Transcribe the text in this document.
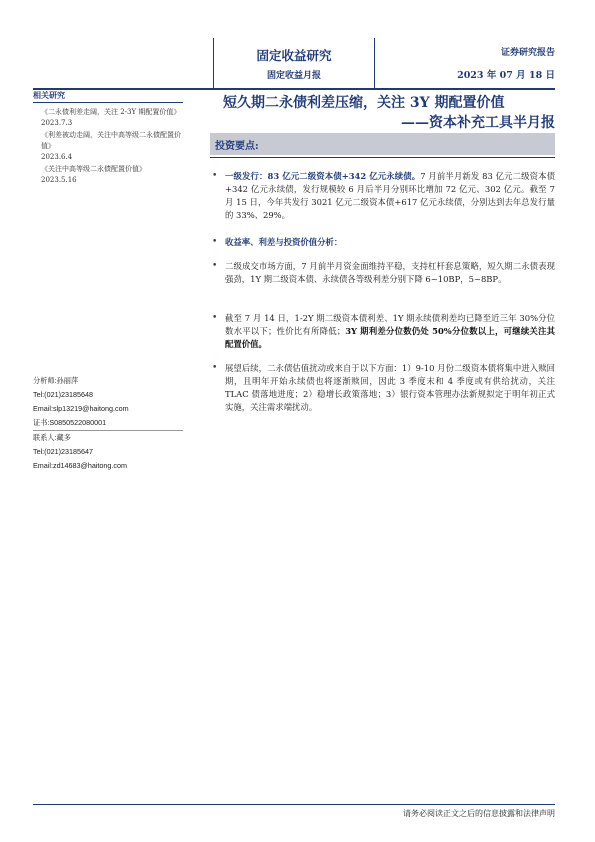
固定收益研究
固定收益月报
证券研究报告
2023 年 07 月 18 日
相关研究
《二永债利差走阔，关注 2-3Y 期配置价值》
2023.7.3
《利差被动走阔，关注中高等级二永债配置价值》
2023.6.4
《关注中高等级二永债配置价值》
2023.5.16
分析师:孙丽萍
Tel:(021)23185648
Email:slp13219@haitong.com
证书:S0850522080001
联系人:藏多
Tel:(021)23185647
Email:zd14683@haitong.com
短久期二永债利差压缩，关注 3Y 期配置价值
——资本补充工具半月报
投资要点:
• 一级发行：83 亿元二级资本债+342 亿元永续债。7 月前半月新发 83 亿元二级资本债+342 亿元永续债，发行规模较 6 月后半月分别环比增加 72 亿元、302 亿元。截至 7 月 15 日，今年共发行 3021 亿元二级资本债+617 亿元永续债，分别达到去年总发行量的 33%、29%。
• 收益率、利差与投资价值分析：
• 二级成交市场方面，7 月前半月资金面维持平稳，支持杠杆套息策略，短久期二永债表现强劲，1Y 期二级资本债、永续债各等级利差分别下降 6~10BP，5~8BP。
• 截至 7 月 14 日，1-2Y 期二级资本债利差、1Y 期永续债利差均已降至近三年 30%分位数水平以下；性价比有所降低；3Y 期利差分位数仍处 50%分位数以上，可继续关注其配置价值。
• 展望后续，二永债估值扰动或来自于以下方面：1）9-10 月份二级资本债将集中进入赎回期，且明年开始永续债也将逐渐赎回，因此 3 季度末和 4 季度或有供给扰动，关注 TLAC 债落地进度；2）稳增长政策落地；3）银行资本管理办法新规拟定于明年初正式实施，关注需求端扰动。
请务必阅读正文之后的信息披露和法律声明
